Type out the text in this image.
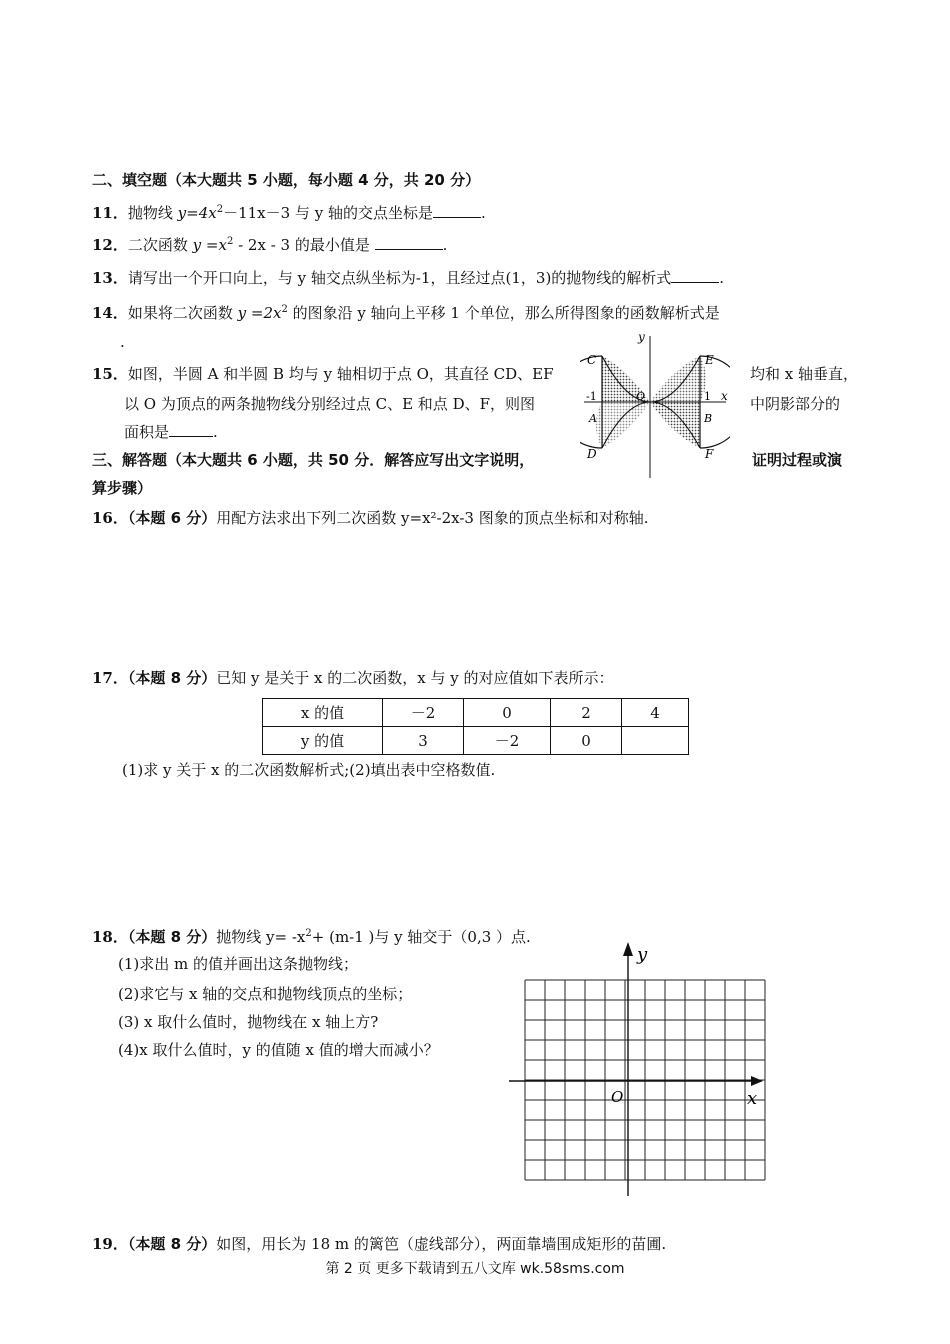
二、填空题（本大题共 5 小题，每小题 4 分，共 20 分）
11．抛物线 $y=4x^2-11x-3$ 与 y 轴的交点坐标是	.
12．二次函数 $y =x^2 - 2x - 3$ 的最小值是	.
13．请写出一个开口向上，与 y 轴交点纵坐标为-1，且经过点(1，3)的抛物线的解析式	.
14．如果将二次函数 $y =2x^2$ 的图象沿 y 轴向上平移 1 个单位，那么所得图象的函数解析式是
.
15．如图，半圆 A 和半圆 B 均与 y 轴相切于点 O，其直径 CD、EF	均和 x 轴垂直，
以 O 为顶点的两条抛物线分别经过点 C、E 和点 D、F，则图	中阴影部分的
面积是	.
y
x
C	E
D	F
A	B
O
-1	1
三、解答题（本大题共 6 小题，共 50 分．解答应写出文字说明，	证明过程或演
算步骤）
16．（本题 6 分）用配方法求出下列二次函数 y=x²-2x-3 图象的顶点坐标和对称轴.
17．（本题 8 分）已知 y 是关于 x 的二次函数，x 与 y 的对应值如下表所示：
x 的值	－2	0	2	4
y 的值	3	－2	0	
(1)求 y 关于 x 的二次函数解析式;(2)填出表中空格数值.
18．（本题 8 分）抛物线 $y= -x^2+ (m-1$ )与 y 轴交于（0,3 ）点.
(1)求出 m 的值并画出这条抛物线；
(2)求它与 x 轴的交点和抛物线顶点的坐标；
(3) x 取什么值时，抛物线在 x 轴上方?
(4)x 取什么值时，y 的值随 x 值的增大而减小？
y
x
O
19．（本题 8 分）如图，用长为 18 m 的篱笆（虚线部分），两面靠墙围成矩形的苗圃.
第 2 页 更多下载请到五八文库 wk.58sms.com
